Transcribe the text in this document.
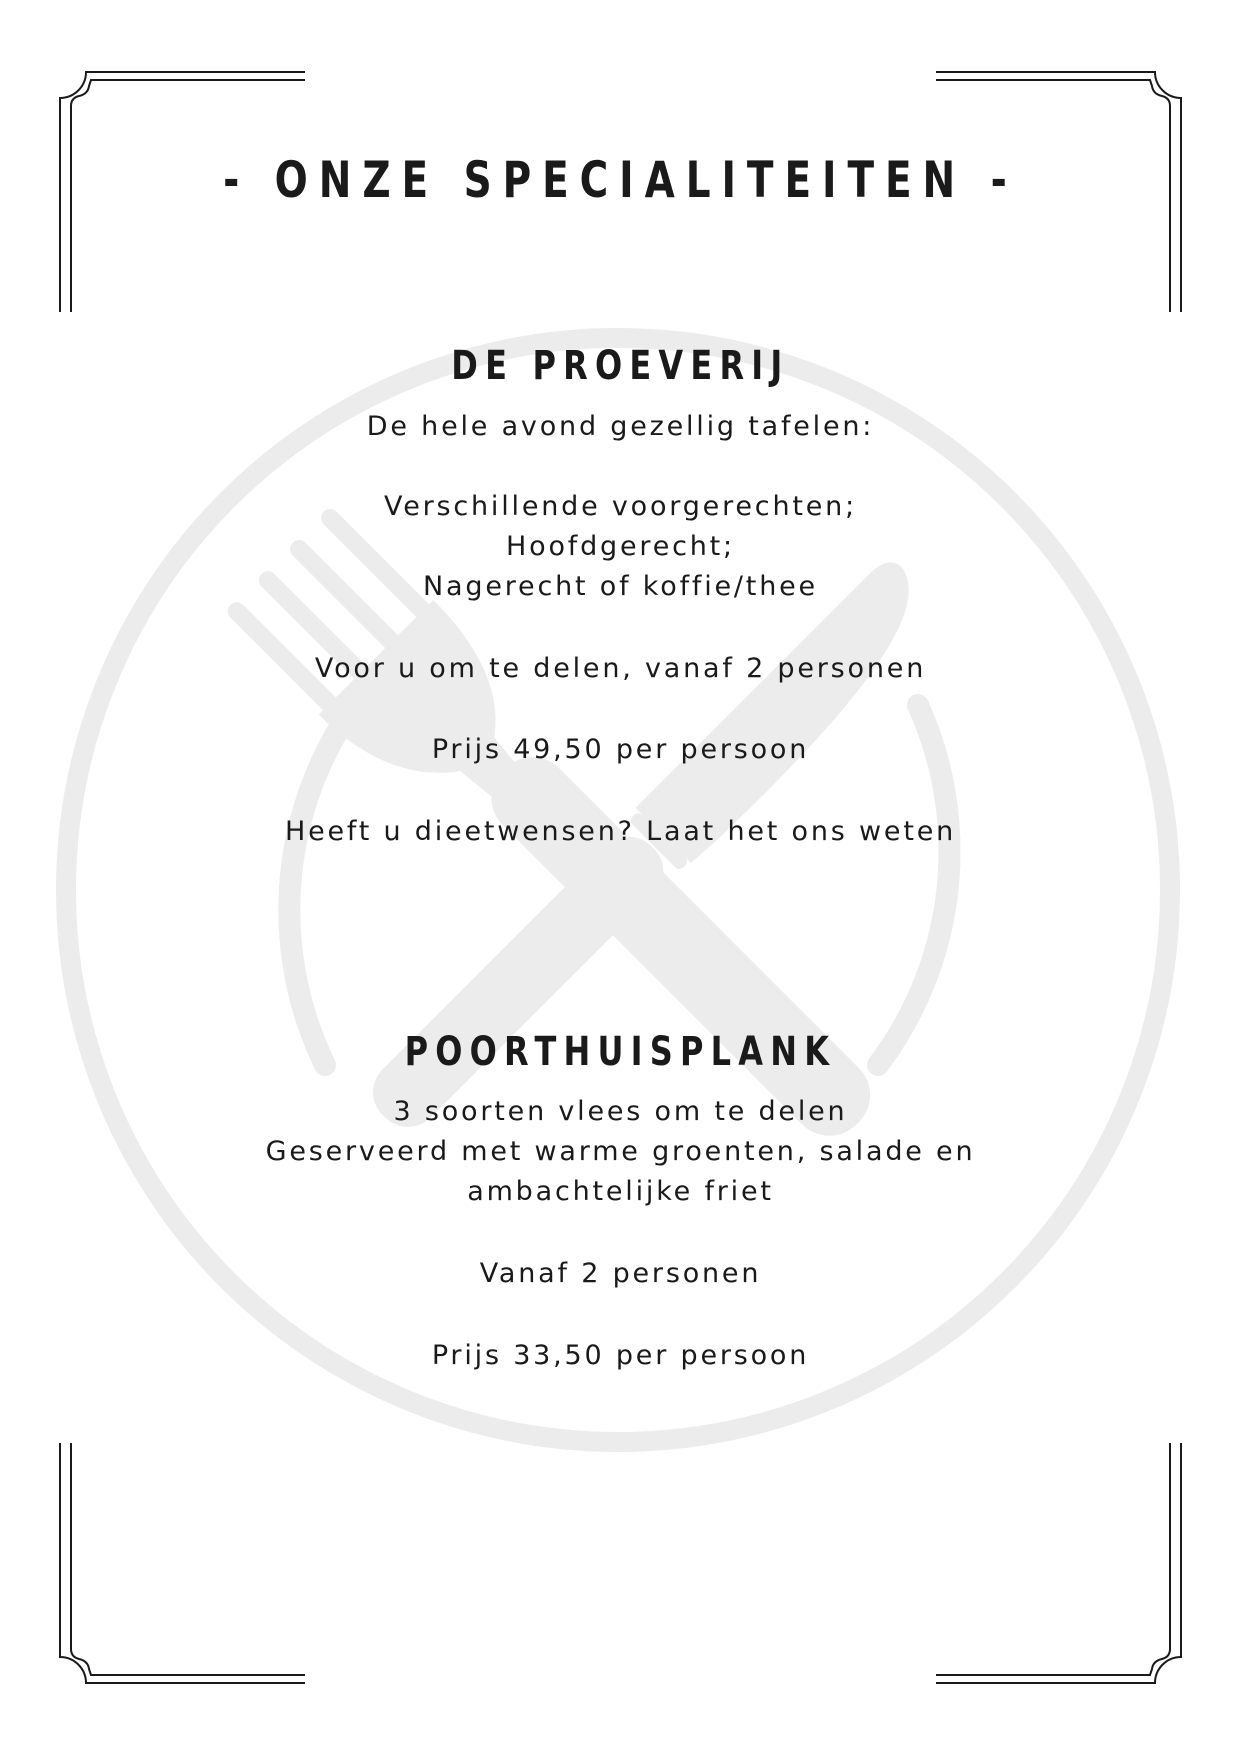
- ONZE SPECIALITEITEN -
DE PROEVERIJ
De hele avond gezellig tafelen:
Verschillende voorgerechten;
Hoofdgerecht;
Nagerecht of koffie/thee
Voor u om te delen, vanaf 2 personen
Prijs 49,50 per persoon
Heeft u dieetwensen? Laat het ons weten
POORTHUISPLANK
3 soorten vlees om te delen
Geserveerd met warme groenten, salade en
ambachtelijke friet
Vanaf 2 personen
Prijs 33,50 per persoon
